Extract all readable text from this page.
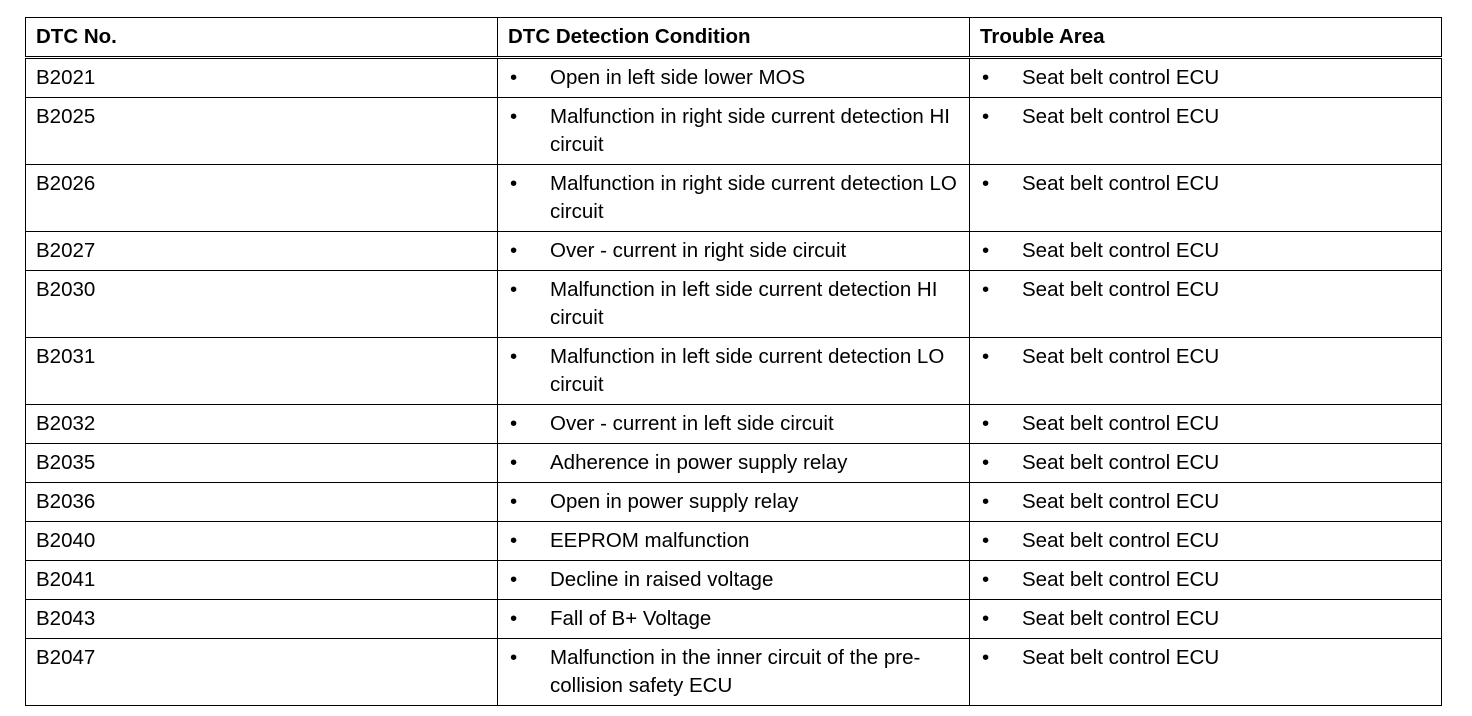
DTC No.	DTC Detection Condition	Trouble Area
B2021	• Open in left side lower MOS	• Seat belt control ECU

B2025	• Malfunction in right side current detection HI circuit	• Seat belt control ECU

B2026	• Malfunction in right side current detection LO circuit	• Seat belt control ECU

B2027	• Over - current in right side circuit	• Seat belt control ECU

B2030	• Malfunction in left side current detection HI circuit	• Seat belt control ECU

B2031	• Malfunction in left side current detection LO circuit	• Seat belt control ECU

B2032	• Over - current in left side circuit	• Seat belt control ECU

B2035	• Adherence in power supply relay	• Seat belt control ECU

B2036	• Open in power supply relay	• Seat belt control ECU

B2040	• EEPROM malfunction	• Seat belt control ECU

B2041	• Decline in raised voltage	• Seat belt control ECU

B2043	• Fall of B+ Voltage	• Seat belt control ECU

B2047	• Malfunction in the inner circuit of the pre-collision safety ECU	• Seat belt control ECU
